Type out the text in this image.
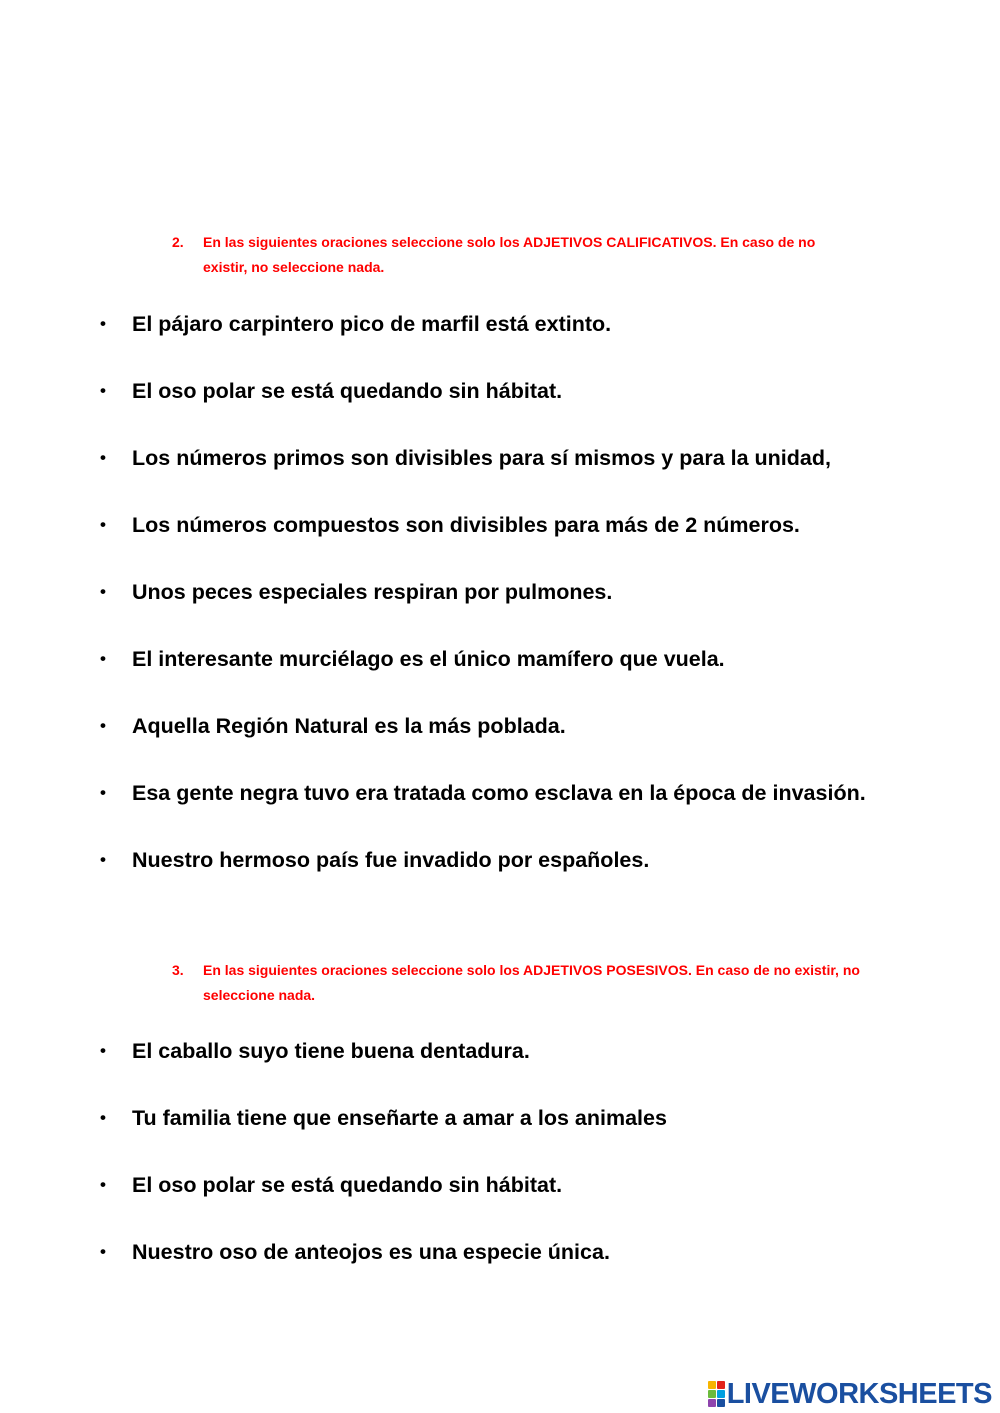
2. En las siguientes oraciones seleccione solo los ADJETIVOS CALIFICATIVOS. En caso de no existir, no seleccione nada.
• El pájaro carpintero pico de marfil está extinto.
• El oso polar se está quedando sin hábitat.
• Los números primos son divisibles para sí mismos y para la unidad,
• Los números compuestos son divisibles para más de 2 números.
• Unos peces especiales respiran por pulmones.
• El interesante murciélago es el único mamífero que vuela.
• Aquella Región Natural es la más poblada.
• Esa gente negra tuvo era tratada como esclava en la época de invasión.
• Nuestro hermoso país fue invadido por españoles.
3. En las siguientes oraciones seleccione solo los ADJETIVOS POSESIVOS. En caso de no existir, no seleccione nada.
• El caballo suyo tiene buena dentadura.
• Tu familia tiene que enseñarte a amar a los animales
• El oso polar se está quedando sin hábitat.
• Nuestro oso de anteojos es una especie única.
LIVEWORKSHEETS
